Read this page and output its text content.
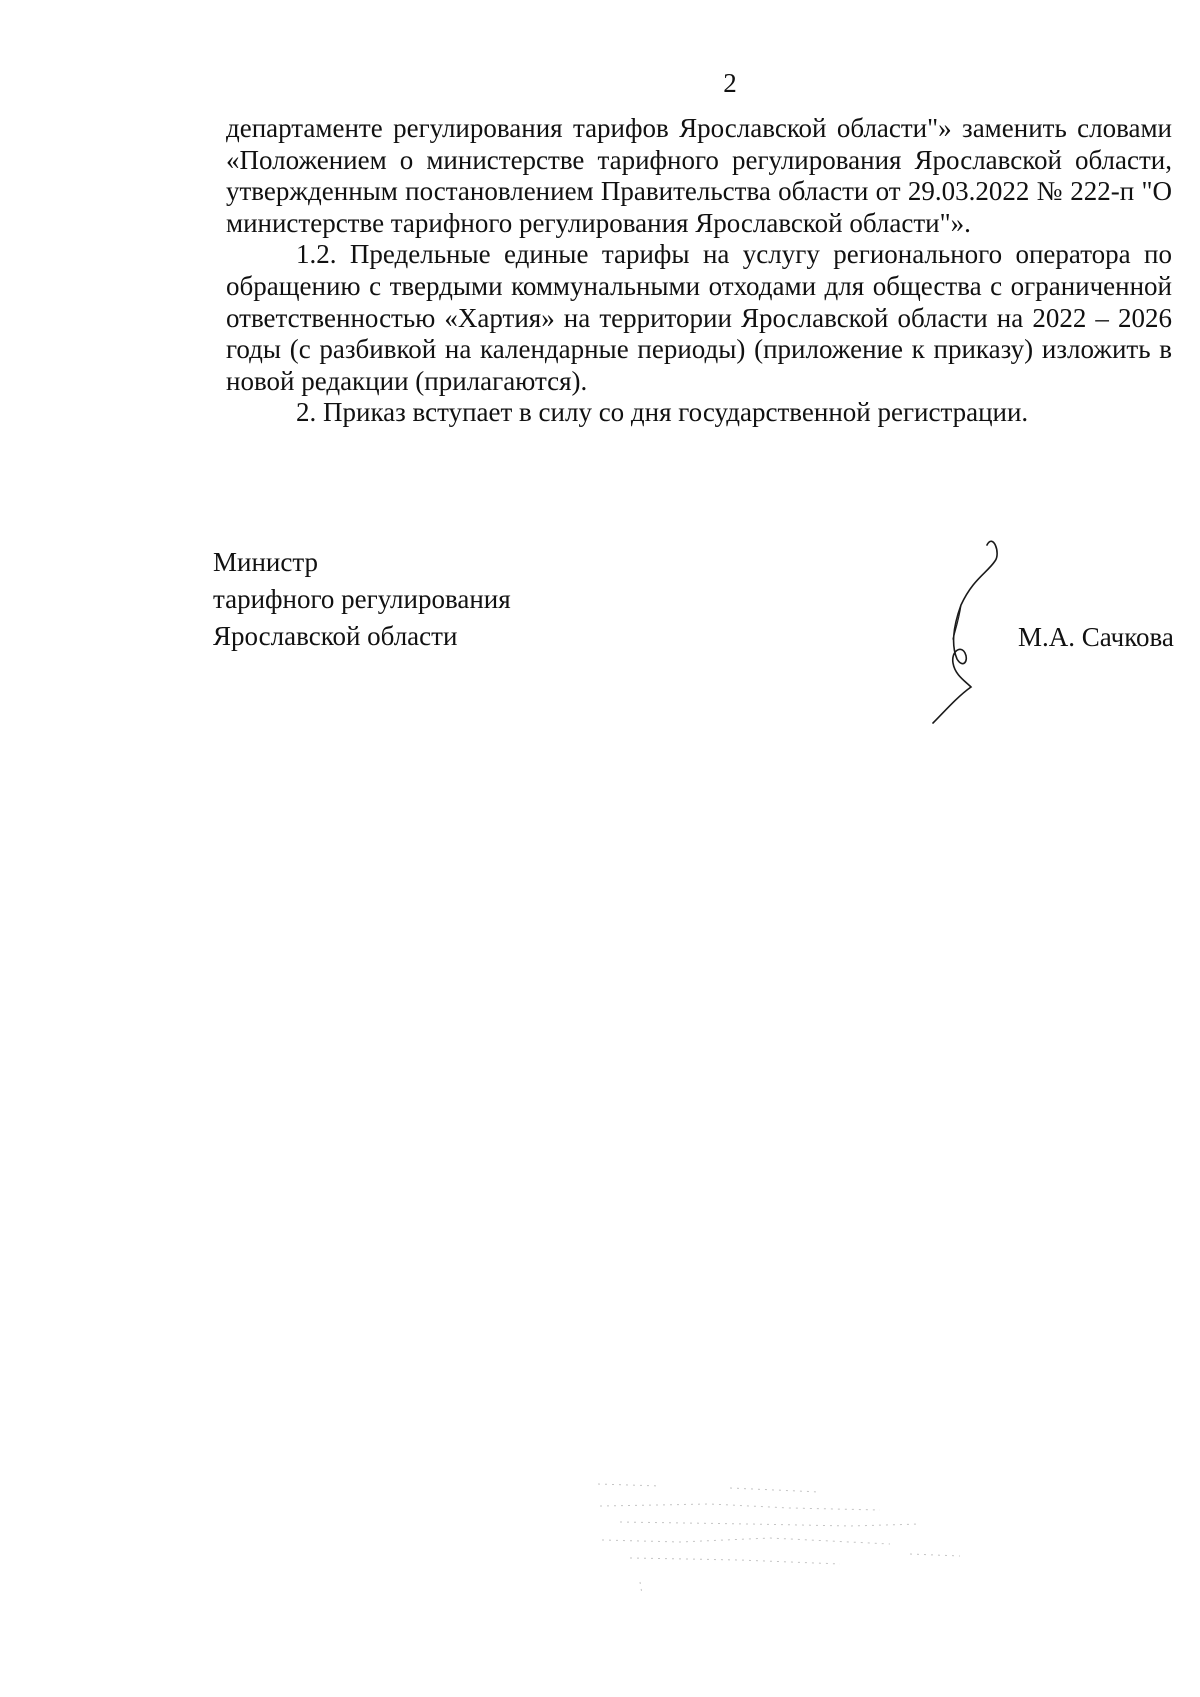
2

департаменте регулирования тарифов Ярославской области"» заменить словами «Положением о министерстве тарифного регулирования Ярославской области, утвержденным постановлением Правительства области от 29.03.2022 № 222-п "О министерстве тарифного регулирования Ярославской области"».

1.2. Предельные единые тарифы на услугу регионального оператора по обращению с твердыми коммунальными отходами для общества с ограниченной ответственностью «Хартия» на территории Ярославской области на 2022 – 2026 годы (с разбивкой на календарные периоды) (приложение к приказу) изложить в новой редакции (прилагаются).

2. Приказ вступает в силу со дня государственной регистрации.

Министр
тарифного регулирования
Ярославской области	М.А. Сачкова
